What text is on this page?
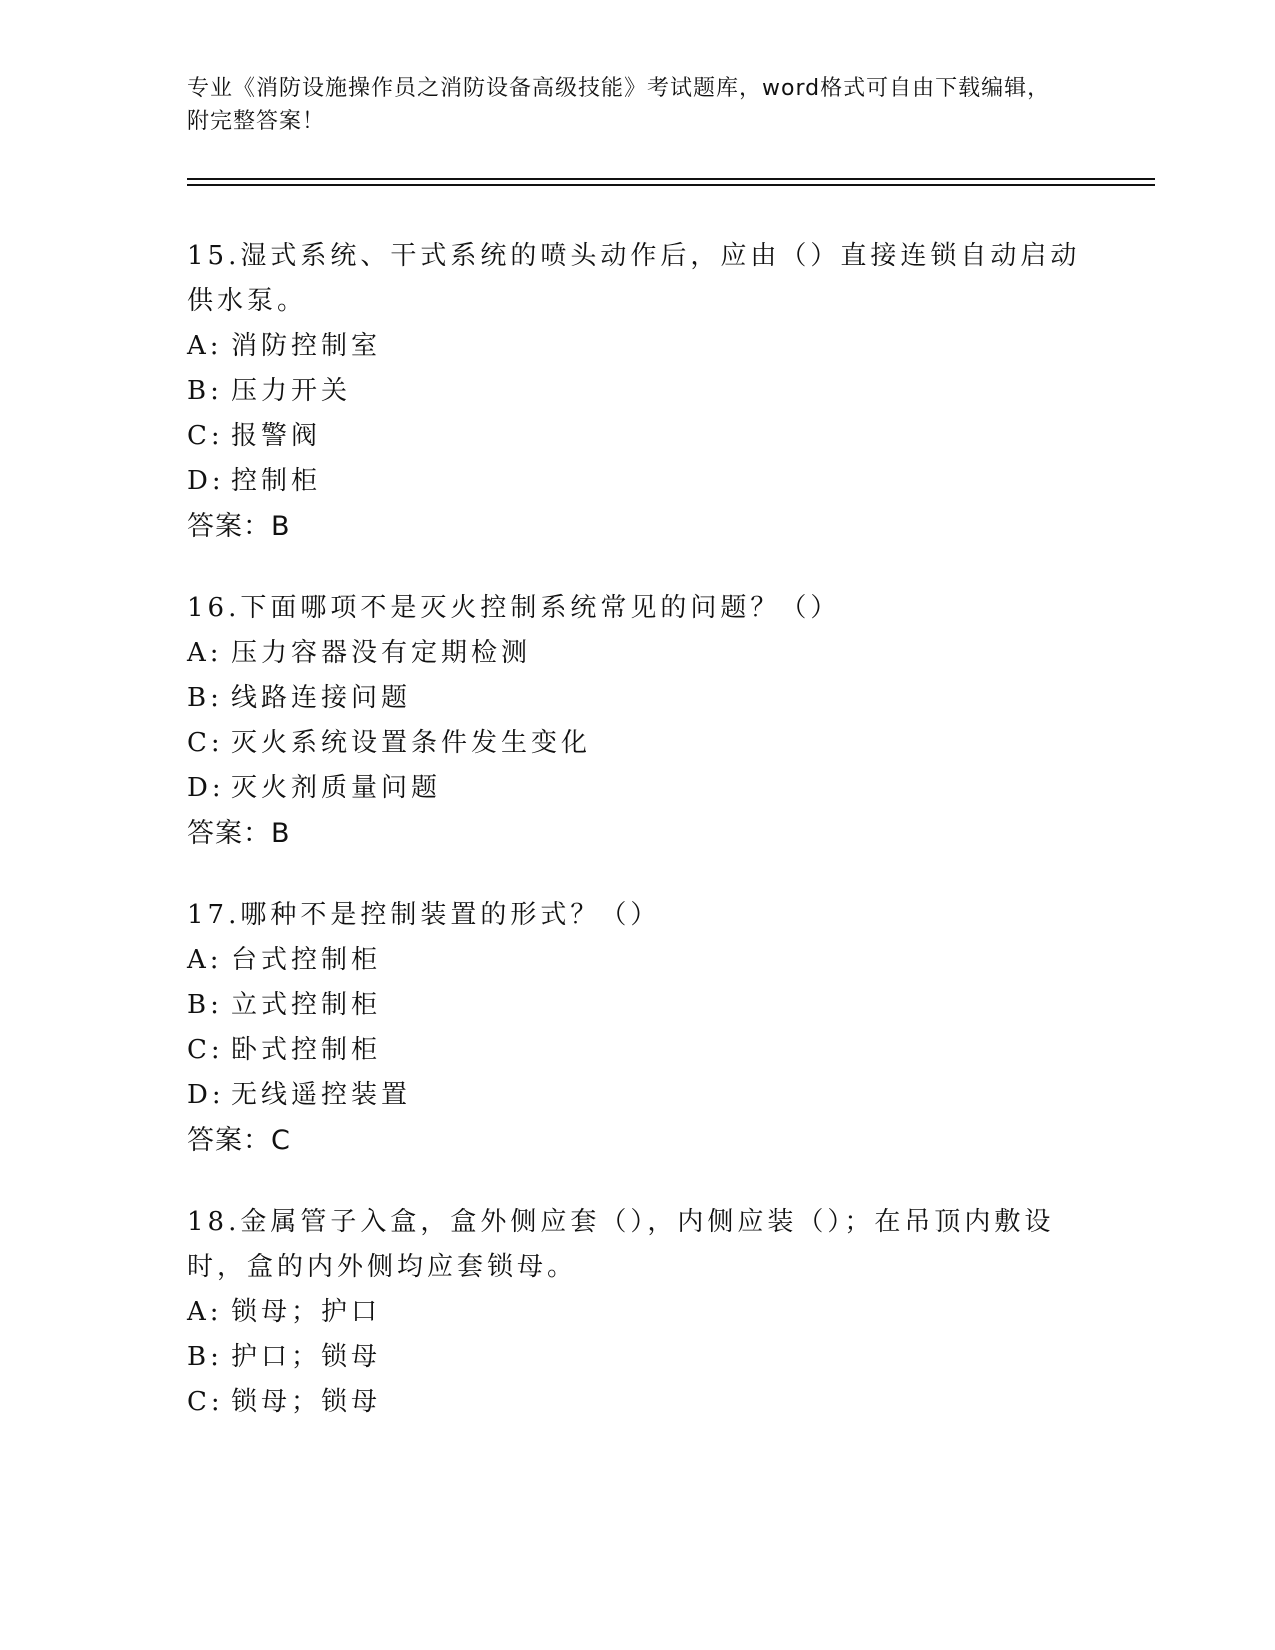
专业《消防设施操作员之消防设备高级技能》考试题库，word格式可自由下载编辑，附完整答案！

15.湿式系统、干式系统的喷头动作后，应由（）直接连锁自动启动供水泵。

A: 消防控制室

B: 压力开关

C: 报警阀

D: 控制柜

答案：B

16.下面哪项不是灭火控制系统常见的问题？（）

A: 压力容器没有定期检测

B: 线路连接问题

C: 灭火系统设置条件发生变化

D: 灭火剂质量问题

答案：B

17.哪种不是控制装置的形式？（）

A: 台式控制柜

B: 立式控制柜

C: 卧式控制柜

D: 无线遥控装置

答案：C

18.金属管子入盒，盒外侧应套（），内侧应装（）；在吊顶内敷设时，盒的内外侧均应套锁母。

A: 锁母；护口

B: 护口；锁母

C: 锁母；锁母
